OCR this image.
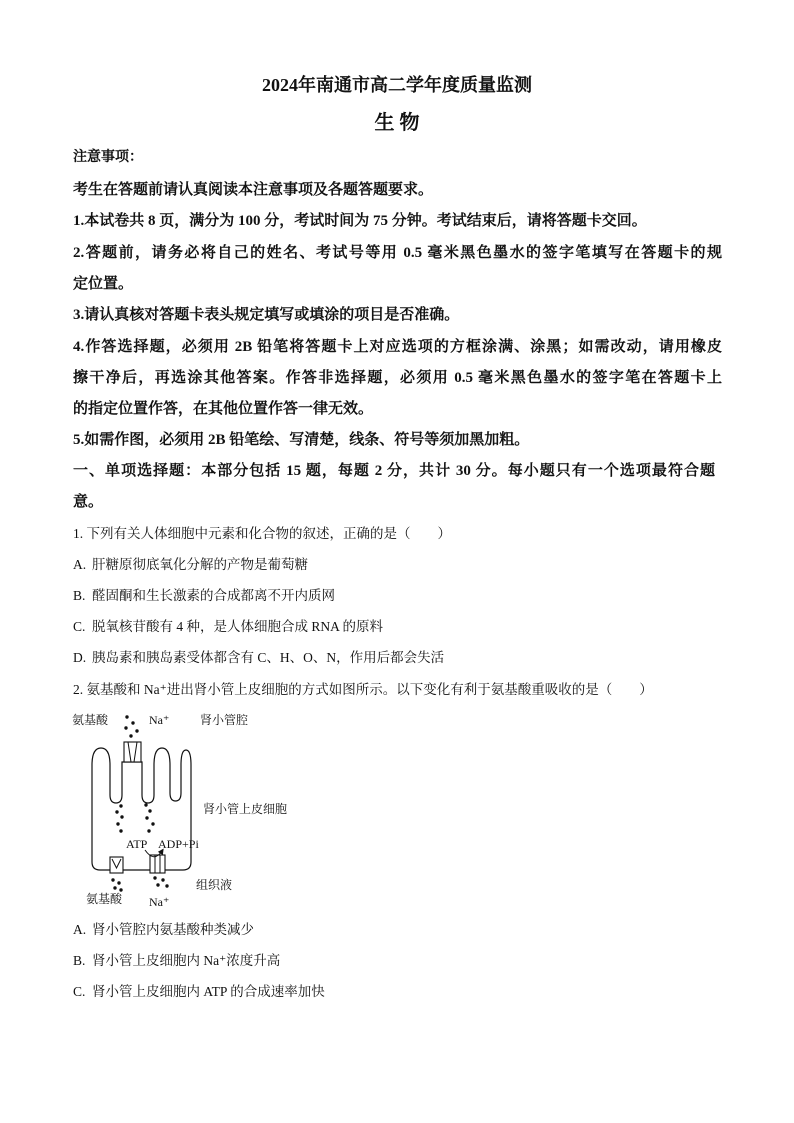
2024年南通市高二学年度质量监测
生 物
注意事项：
考生在答题前请认真阅读本注意事项及各题答题要求。
1.本试卷共 8 页，满分为 100 分，考试时间为 75 分钟。考试结束后，请将答题卡交回。
2.答题前，请务必将自己的姓名、考试号等用 0.5 毫米黑色墨水的签字笔填写在答题卡的规
定位置。
3.请认真核对答题卡表头规定填写或填涂的项目是否准确。
4.作答选择题，必须用 2B 铅笔将答题卡上对应选项的方框涂满、涂黑；如需改动，请用橡皮
擦干净后，再选涂其他答案。作答非选择题，必须用 0.5 毫米黑色墨水的签字笔在答题卡上
的指定位置作答，在其他位置作答一律无效。
5.如需作图，必须用 2B 铅笔绘、写清楚，线条、符号等须加黑加粗。
一、单项选择题：本部分包括 15 题，每题 2 分，共计 30 分。每小题只有一个选项最符合题
意。
1. 下列有关人体细胞中元素和化合物的叙述，正确的是（　　）
A. 肝糖原彻底氧化分解的产物是葡萄糖
B. 醛固酮和生长激素的合成都离不开内质网
C. 脱氧核苷酸有 4 种，是人体细胞合成 RNA 的原料
D. 胰岛素和胰岛素受体都含有 C、H、O、N，作用后都会失活
2. 氨基酸和 Na⁺进出肾小管上皮细胞的方式如图所示。以下变化有利于氨基酸重吸收的是（　　）
氨基酸	Na⁺	肾小管腔
肾小管上皮细胞
ATP ADP+Pi
组织液
氨基酸 Na⁺
A. 肾小管腔内氨基酸种类减少
B. 肾小管上皮细胞内 Na⁺浓度升高
C. 肾小管上皮细胞内 ATP 的合成速率加快
